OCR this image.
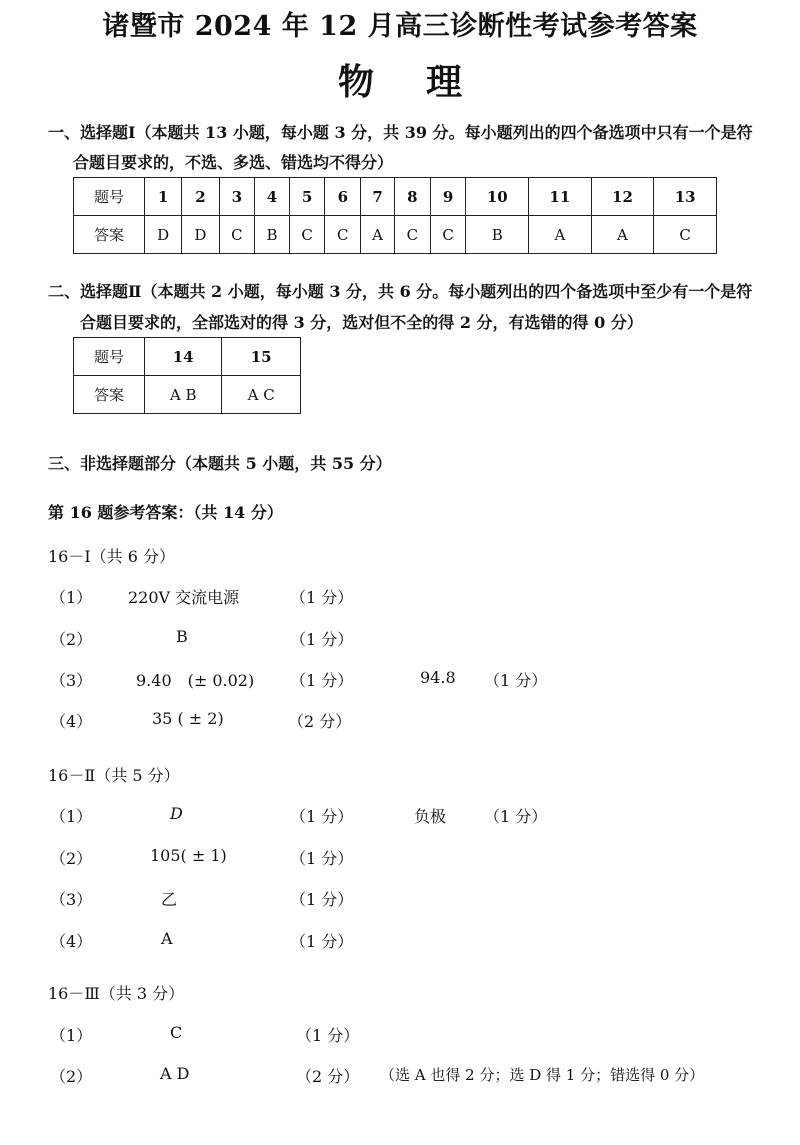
诸暨市 2024 年 12 月高三诊断性考试参考答案
物理
一、选择题Ⅰ（本题共 13 小题，每小题 3 分，共 39 分。每小题列出的四个备选项中只有一个是符
合题目要求的，不选、多选、错选均不得分）
题号	1	2	3	4	5	6	7	8	9	10	11	12	13
答案	D	D	C	B	C	C	A	C	C	B	A	A	C
二、选择题Ⅱ（本题共 2 小题，每小题 3 分，共 6 分。每小题列出的四个备选项中至少有一个是符
合题目要求的，全部选对的得 3 分，选对但不全的得 2 分，有选错的得 0 分）
题号	14	15
答案	A B	A C
三、非选择题部分（本题共 5 小题，共 55 分）
第 16 题参考答案：（共 14 分）
16－Ⅰ（共 6 分）
（1） 220V 交流电源	（1 分）
（2）	B	（1 分）
（3）	9.40　(± 0.02) （1 分）	94.8 （1 分）
（4）	35 ( ± 2)	（2 分）
16－Ⅱ（共 5 分）
（1）	D	（1 分）	负极 （1 分）
（2）	105( ± 1)	（1 分）
（3）	乙	（1 分）
（4）	A	（1 分）
16－Ⅲ（共 3 分）
（1）	C	（1 分）
（2）	A D	（2 分） （选 A 也得 2 分；选 D 得 1 分；错选得 0 分）
